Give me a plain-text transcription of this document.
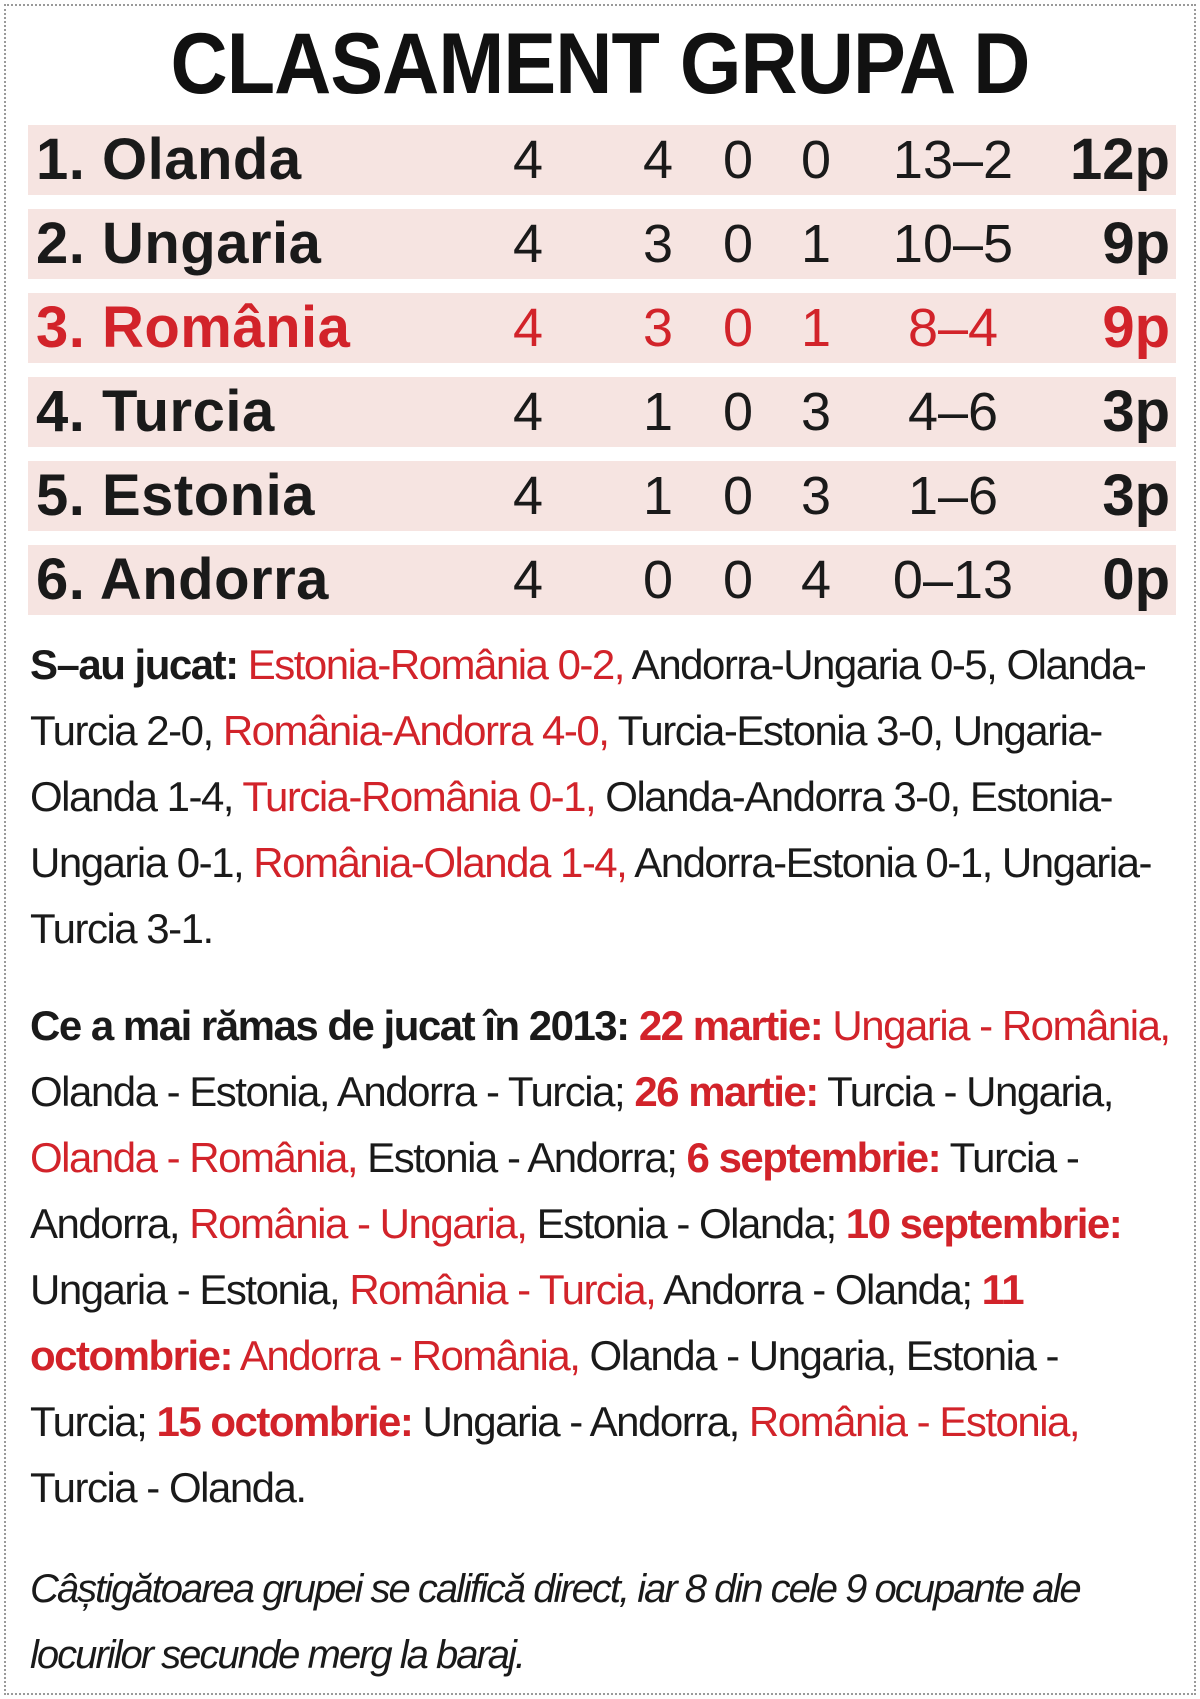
CLASAMENT GRUPA D
1. Olanda	4 4 0 0 13–2 12p
2. Ungaria	4 3 0 1 10–5 9p
3. România	4 3 0 1	8–4	9p
4. Turcia	4 1 0 3	4–6	3p
5. Estonia	4 1 0 3	1–6	3p
6. Andorra	4 0 0 4 0–13 0p
S–au jucat: Estonia-România 0-2, Andorra-Ungaria 0-5, Olanda-Turcia 2-0, România-Andorra 4-0, Turcia-Estonia 3-0, Ungaria-Olanda 1-4, Turcia-România 0-1, Olanda-Andorra 3-0, Estonia-Ungaria 0-1, România-Olanda 1-4, Andorra-Estonia 0-1, Ungaria-Turcia 3-1.
Ce a mai rămas de jucat în 2013: 22 martie: Ungaria - România, Olanda - Estonia, Andorra - Turcia; 26 martie: Turcia - Ungaria, Olanda - România, Estonia - Andorra; 6 septembrie: Turcia - Andorra, România - Ungaria, Estonia - Olanda; 10 septembrie: Ungaria - Estonia, România - Turcia, Andorra - Olanda; 11 octombrie: Andorra - România, Olanda - Ungaria, Estonia - Turcia; 15 octombrie: Ungaria - Andorra, România - Estonia, Turcia - Olanda.
Câștigătoarea grupei se califică direct, iar 8 din cele 9 ocupante ale locurilor secunde merg la baraj.
